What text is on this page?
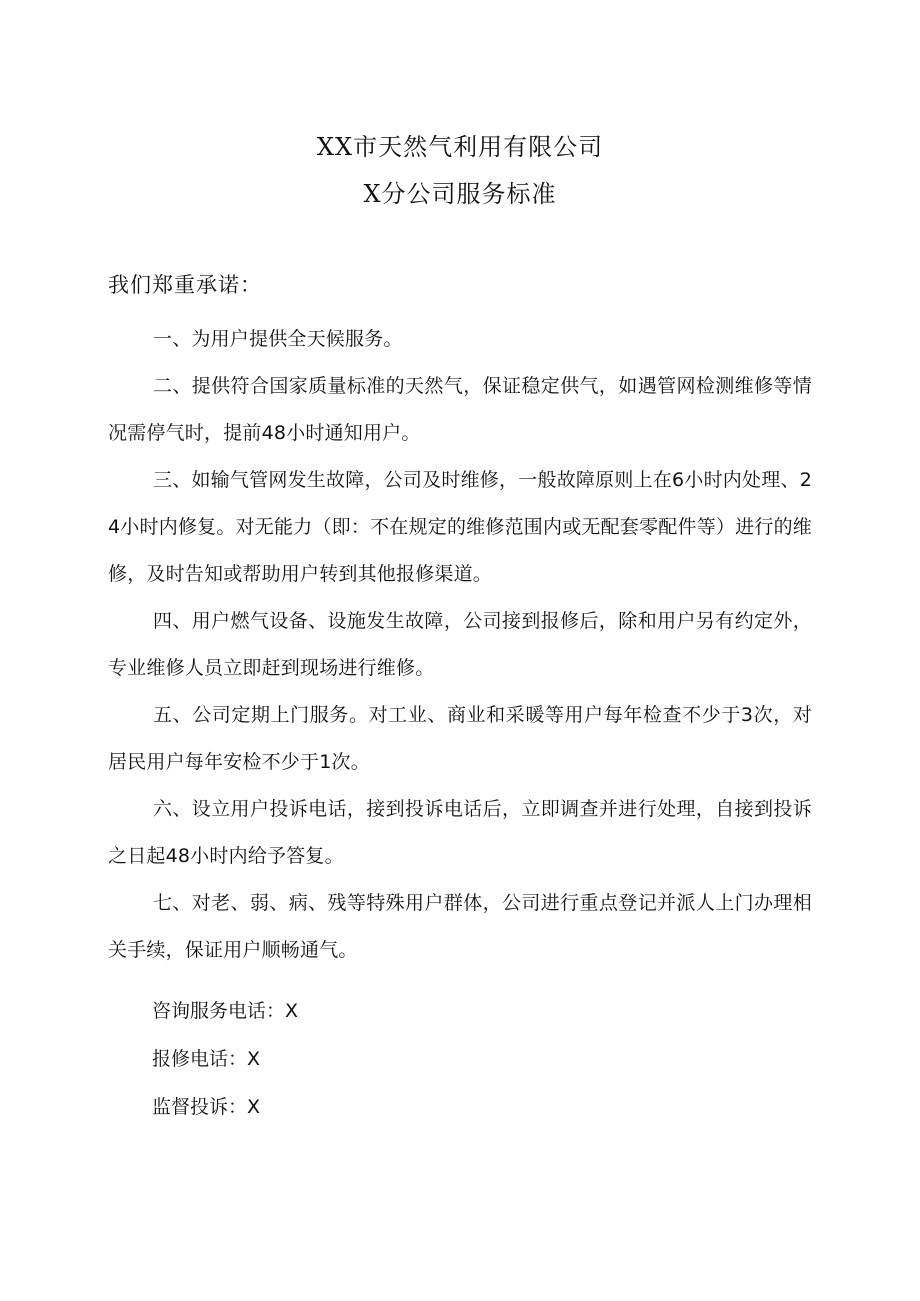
XX市天然气利用有限公司
X分公司服务标准
我们郑重承诺：

一、为用户提供全天候服务。

二、提供符合国家质量标准的天然气，保证稳定供气，如遇管网检测维修等情况需停气时，提前48小时通知用户。

三、如输气管网发生故障，公司及时维修，一般故障原则上在6小时内处理、24小时内修复。对无能力（即：不在规定的维修范围内或无配套零配件等）进行的维修，及时告知或帮助用户转到其他报修渠道。

四、用户燃气设备、设施发生故障，公司接到报修后，除和用户另有约定外，专业维修人员立即赶到现场进行维修。

五、公司定期上门服务。对工业、商业和采暖等用户每年检查不少于3次，对居民用户每年安检不少于1次。

六、设立用户投诉电话，接到投诉电话后，立即调查并进行处理，自接到投诉之日起48小时内给予答复。

七、对老、弱、病、残等特殊用户群体，公司进行重点登记并派人上门办理相关手续，保证用户顺畅通气。

咨询服务电话：X
报修电话：X
监督投诉：X
